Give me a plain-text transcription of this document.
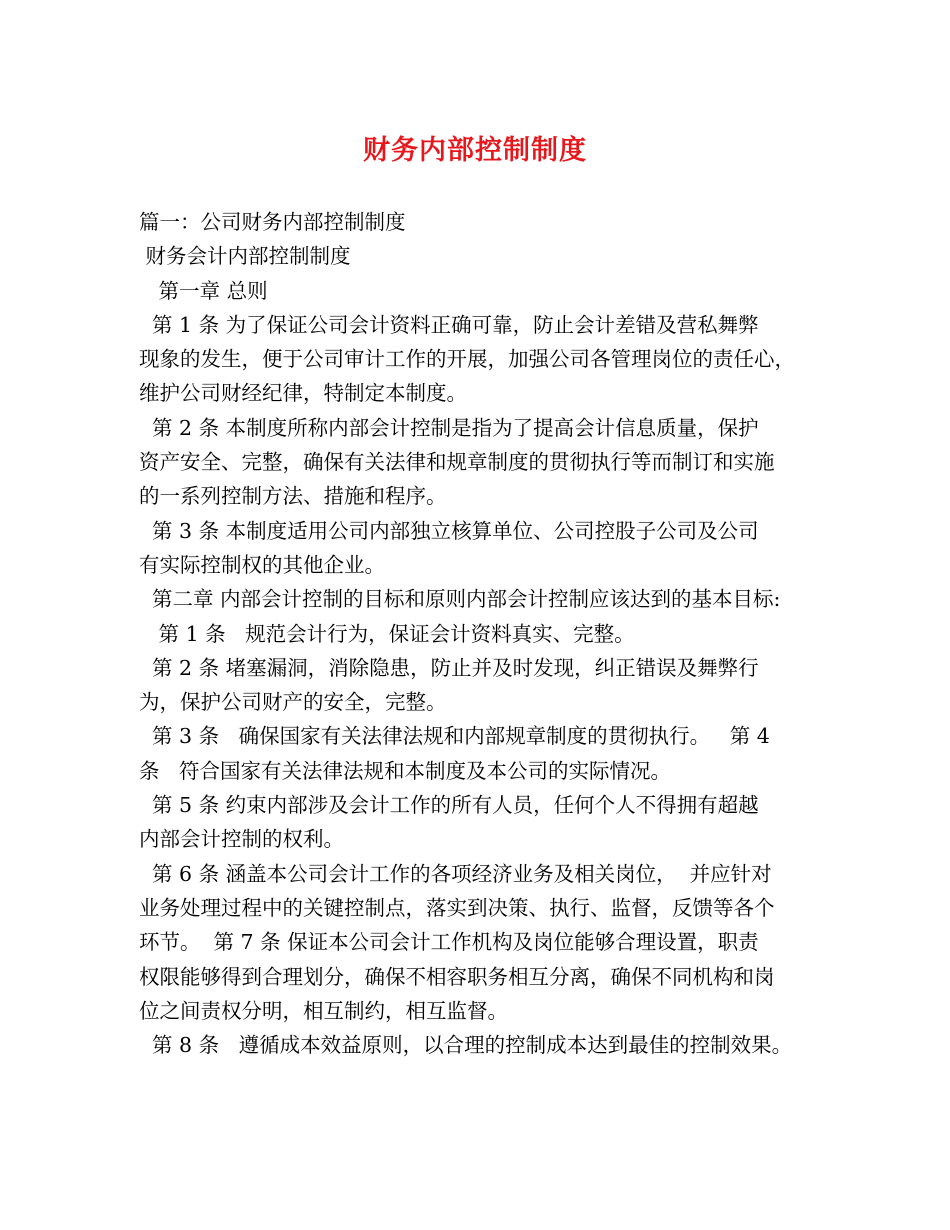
财务内部控制制度
篇一：公司财务内部控制制度
财务会计内部控制制度
第一章 总则
第 1 条 为了保证公司会计资料正确可靠，防止会计差错及营私舞弊
现象的发生，便于公司审计工作的开展，加强公司各管理岗位的责任心，
维护公司财经纪律，特制定本制度。
第 2 条 本制度所称内部会计控制是指为了提高会计信息质量，保护
资产安全、完整，确保有关法律和规章制度的贯彻执行等而制订和实施
的一系列控制方法、措施和程序。
第 3 条 本制度适用公司内部独立核算单位、公司控股子公司及公司
有实际控制权的其他企业。
第二章 内部会计控制的目标和原则内部会计控制应该达到的基本目标:
第 1 条   规范会计行为，保证会计资料真实、完整。
第 2 条 堵塞漏洞，消除隐患，防止并及时发现，纠正错误及舞弊行
为，保护公司财产的安全，完整。
第 3 条   确保国家有关法律法规和内部规章制度的贯彻执行。   第 4
条   符合国家有关法律法规和本制度及本公司的实际情况。
第 5 条 约束内部涉及会计工作的所有人员，任何个人不得拥有超越
内部会计控制的权利。
第 6 条 涵盖本公司会计工作的各项经济业务及相关岗位，  并应针对
业务处理过程中的关键控制点，落实到决策、执行、监督，反馈等各个
环节。  第 7 条 保证本公司会计工作机构及岗位能够合理设置，职责
权限能够得到合理划分，确保不相容职务相互分离，确保不同机构和岗
位之间责权分明，相互制约，相互监督。
第 8 条   遵循成本效益原则，以合理的控制成本达到最佳的控制效果。
